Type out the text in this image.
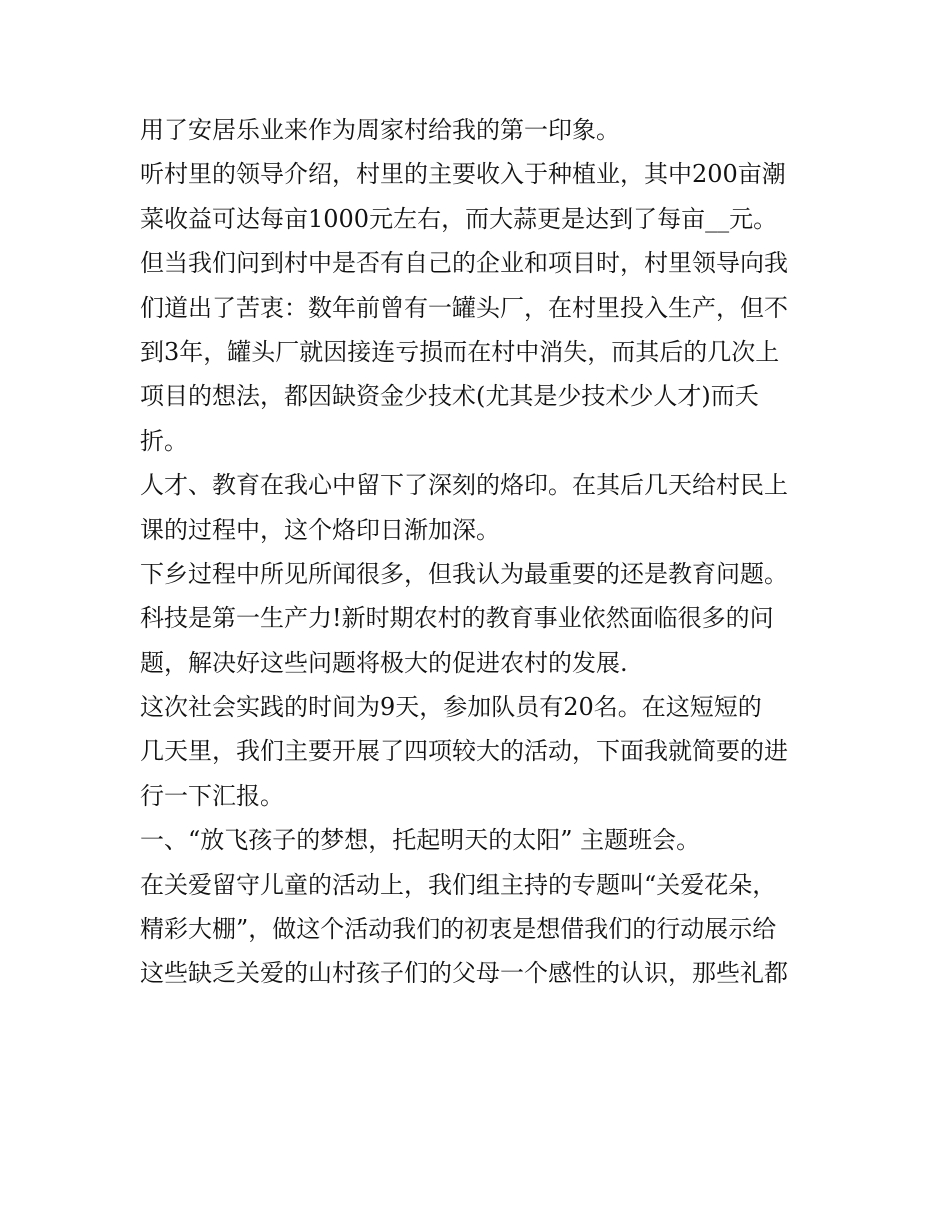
用了安居乐业来作为周家村给我的第一印象。
听村里的领导介绍，村里的主要收入于种植业，其中200亩潮
菜收益可达每亩1000元左右，而大蒜更是达到了每亩__元。
但当我们问到村中是否有自己的企业和项目时，村里领导向我
们道出了苦衷：数年前曾有一罐头厂，在村里投入生产，但不
到3年，罐头厂就因接连亏损而在村中消失，而其后的几次上
项目的想法，都因缺资金少技术(尤其是少技术少人才)而夭
折。
人才、教育在我心中留下了深刻的烙印。在其后几天给村民上
课的过程中，这个烙印日渐加深。
下乡过程中所见所闻很多，但我认为最重要的还是教育问题。
科技是第一生产力!新时期农村的教育事业依然面临很多的问
题，解决好这些问题将极大的促进农村的发展.
这次社会实践的时间为9天，参加队员有20名。在这短短的
几天里，我们主要开展了四项较大的活动，下面我就简要的进
行一下汇报。
一、“放飞孩子的梦想，托起明天的太阳” 主题班会。
在关爱留守儿童的活动上，我们组主持的专题叫“关爱花朵，
精彩大棚”，做这个活动我们的初衷是想借我们的行动展示给
这些缺乏关爱的山村孩子们的父母一个感性的认识，那些礼都
